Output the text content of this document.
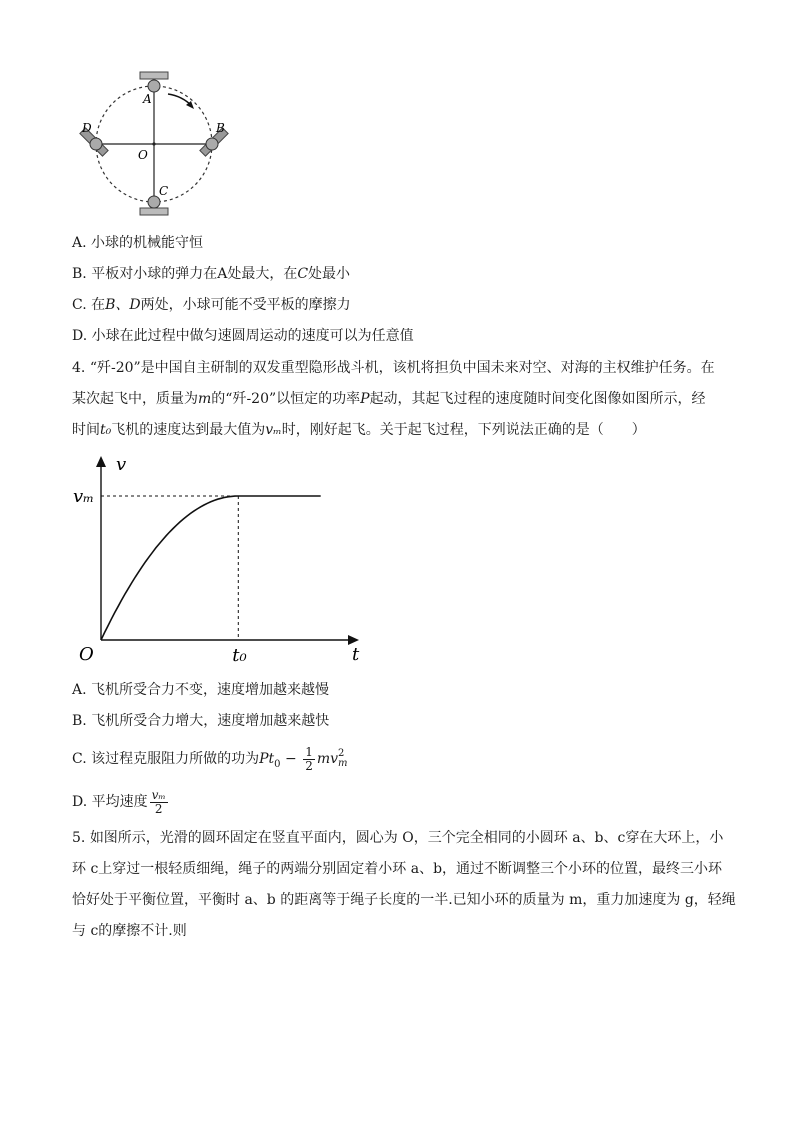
A
B
C
D
O
A. 小球的机械能守恒
B. 平板对小球的弹力在A处最大，在C处最小
C. 在B、D两处，小球可能不受平板的摩擦力
D. 小球在此过程中做匀速圆周运动的速度可以为任意值
4. “歼-20”是中国自主研制的双发重型隐形战斗机，该机将担负中国未来对空、对海的主权维护任务。在
某次起飞中，质量为m的“歼-20”以恒定的功率P起动，其起飞过程的速度随时间变化图像如图所示，经
时间t₀飞机的速度达到最大值为vₘ时，刚好起飞。关于起飞过程，下列说法正确的是（　　）
v
t
O	t₀
vₘ
A. 飞机所受合力不变，速度增加越来越慢
B. 飞机所受合力增大，速度增加越来越快
C. 该过程克服阻力所做的功为$Pt_0 - \frac{1}{2}$ mv 2
m
D. 平均速度 $\frac{\text{vₘ}}{2}$
5. 如图所示，光滑的圆环固定在竖直平面内，圆心为 O，三个完全相同的小圆环 a、b、c穿在大环上，小
环 c上穿过一根轻质细绳，绳子的两端分别固定着小环 a、b，通过不断调整三个小环的位置，最终三小环
恰好处于平衡位置，平衡时 a、b 的距离等于绳子长度的一半.已知小环的质量为 m，重力加速度为 g，轻绳
与 c的摩擦不计.则
